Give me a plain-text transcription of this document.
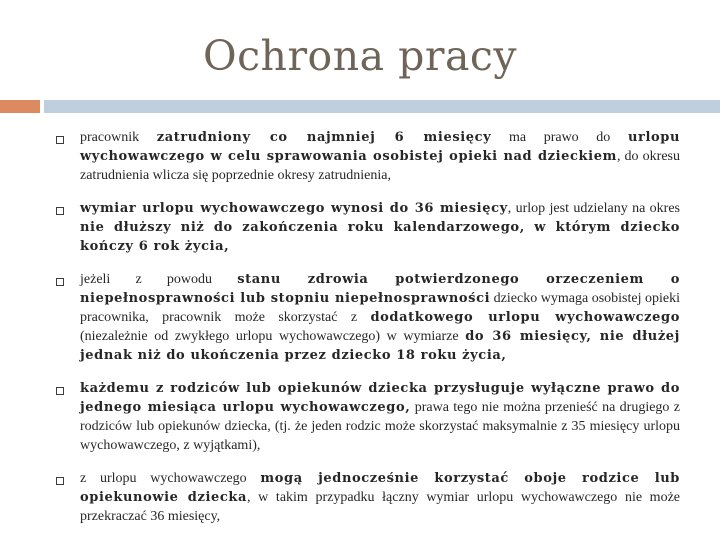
Ochrona pracy
pracownik zatrudniony co najmniej 6 miesięcy ma prawo do urlopu wychowawczego w celu sprawowania osobistej opieki nad dzieckiem, do okresu zatrudnienia wlicza się poprzednie okresy zatrudnienia,
wymiar urlopu wychowawczego wynosi do 36 miesięcy, urlop jest udzielany na okres nie dłuższy niż do zakończenia roku kalendarzowego, w którym dziecko kończy 6 rok życia,
jeżeli z powodu stanu zdrowia potwierdzonego orzeczeniem o niepełnosprawności lub stopniu niepełnosprawności dziecko wymaga osobistej opieki pracownika, pracownik może skorzystać z dodatkowego urlopu wychowawczego (niezależnie od zwykłego urlopu wychowawczego) w wymiarze do 36 miesięcy, nie dłużej jednak niż do ukończenia przez dziecko 18 roku życia,
każdemu z rodziców lub opiekunów dziecka przysługuje wyłączne prawo do jednego miesiąca urlopu wychowawczego, prawa tego nie można przenieść na drugiego z rodziców lub opiekunów dziecka, (tj. że jeden rodzic może skorzystać maksymalnie z 35 miesięcy urlopu wychowawczego, z wyjątkami),
z urlopu wychowawczego mogą jednocześnie korzystać oboje rodzice lub opiekunowie dziecka, w takim przypadku łączny wymiar urlopu wychowawczego nie może przekraczać 36 miesięcy,
